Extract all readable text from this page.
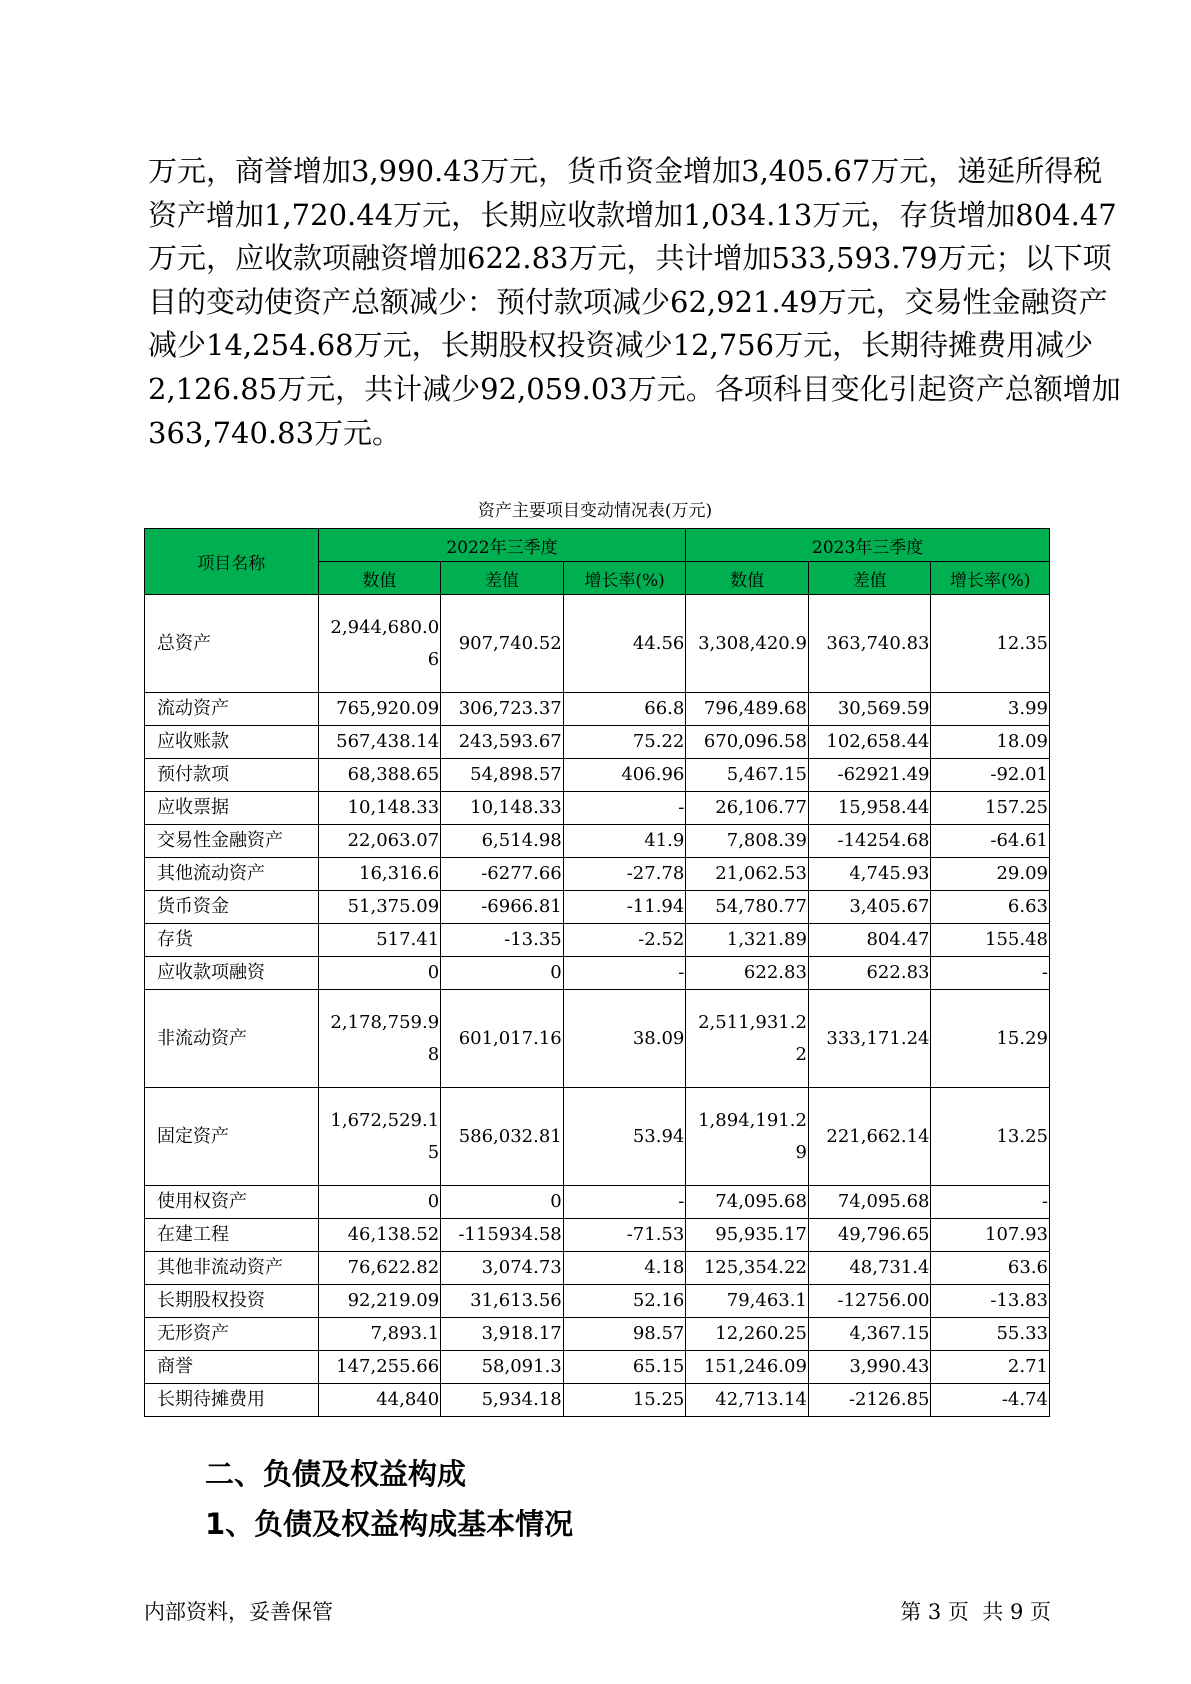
万元，商誉增加3,990.43万元，货币资金增加3,405.67万元，递延所得税
资产增加1,720.44万元，长期应收款增加1,034.13万元，存货增加804.47
万元，应收款项融资增加622.83万元，共计增加533,593.79万元；以下项
目的变动使资产总额减少：预付款项减少62,921.49万元，交易性金融资产
减少14,254.68万元，长期股权投资减少12,756万元，长期待摊费用减少
2,126.85万元，共计减少92,059.03万元。各项科目变化引起资产总额增加
363,740.83万元。
资产主要项目变动情况表(万元)
项目名称	2022年三季度			2023年三季度		
	数值	差值	增长率(%)	数值	差值	增长率(%)
总资产	2,944,680.06	907,740.52	44.56	3,308,420.9	363,740.83	12.35
流动资产	765,920.09	306,723.37	66.8	796,489.68	30,569.59	3.99
应收账款	567,438.14	243,593.67	75.22	670,096.58	102,658.44	18.09
预付款项	68,388.65	54,898.57	406.96	5,467.15	-62921.49	-92.01
应收票据	10,148.33	10,148.33	-	26,106.77	15,958.44	157.25
交易性金融资产	22,063.07	6,514.98	41.9	7,808.39	-14254.68	-64.61
其他流动资产	16,316.6	-6277.66	-27.78	21,062.53	4,745.93	29.09
货币资金	51,375.09	-6966.81	-11.94	54,780.77	3,405.67	6.63
存货	517.41	-13.35	-2.52	1,321.89	804.47	155.48
应收款项融资	0	0	-	622.83	622.83	-
非流动资产	2,178,759.98	601,017.16	38.09	2,511,931.22	333,171.24	15.29
固定资产	1,672,529.15	586,032.81	53.94	1,894,191.29	221,662.14	13.25
使用权资产	0	0	-	74,095.68	74,095.68	-
在建工程	46,138.52	-115934.58	-71.53	95,935.17	49,796.65	107.93
其他非流动资产	76,622.82	3,074.73	4.18	125,354.22	48,731.4	63.6
长期股权投资	92,219.09	31,613.56	52.16	79,463.1	-12756.00	-13.83
无形资产	7,893.1	3,918.17	98.57	12,260.25	4,367.15	55.33
商誉	147,255.66	58,091.3	65.15	151,246.09	3,990.43	2.71
长期待摊费用	44,840	5,934.18	15.25	42,713.14	-2126.85	-4.74
二、负债及权益构成
1、负债及权益构成基本情况
内部资料，妥善保管	第 3 页  共 9 页
